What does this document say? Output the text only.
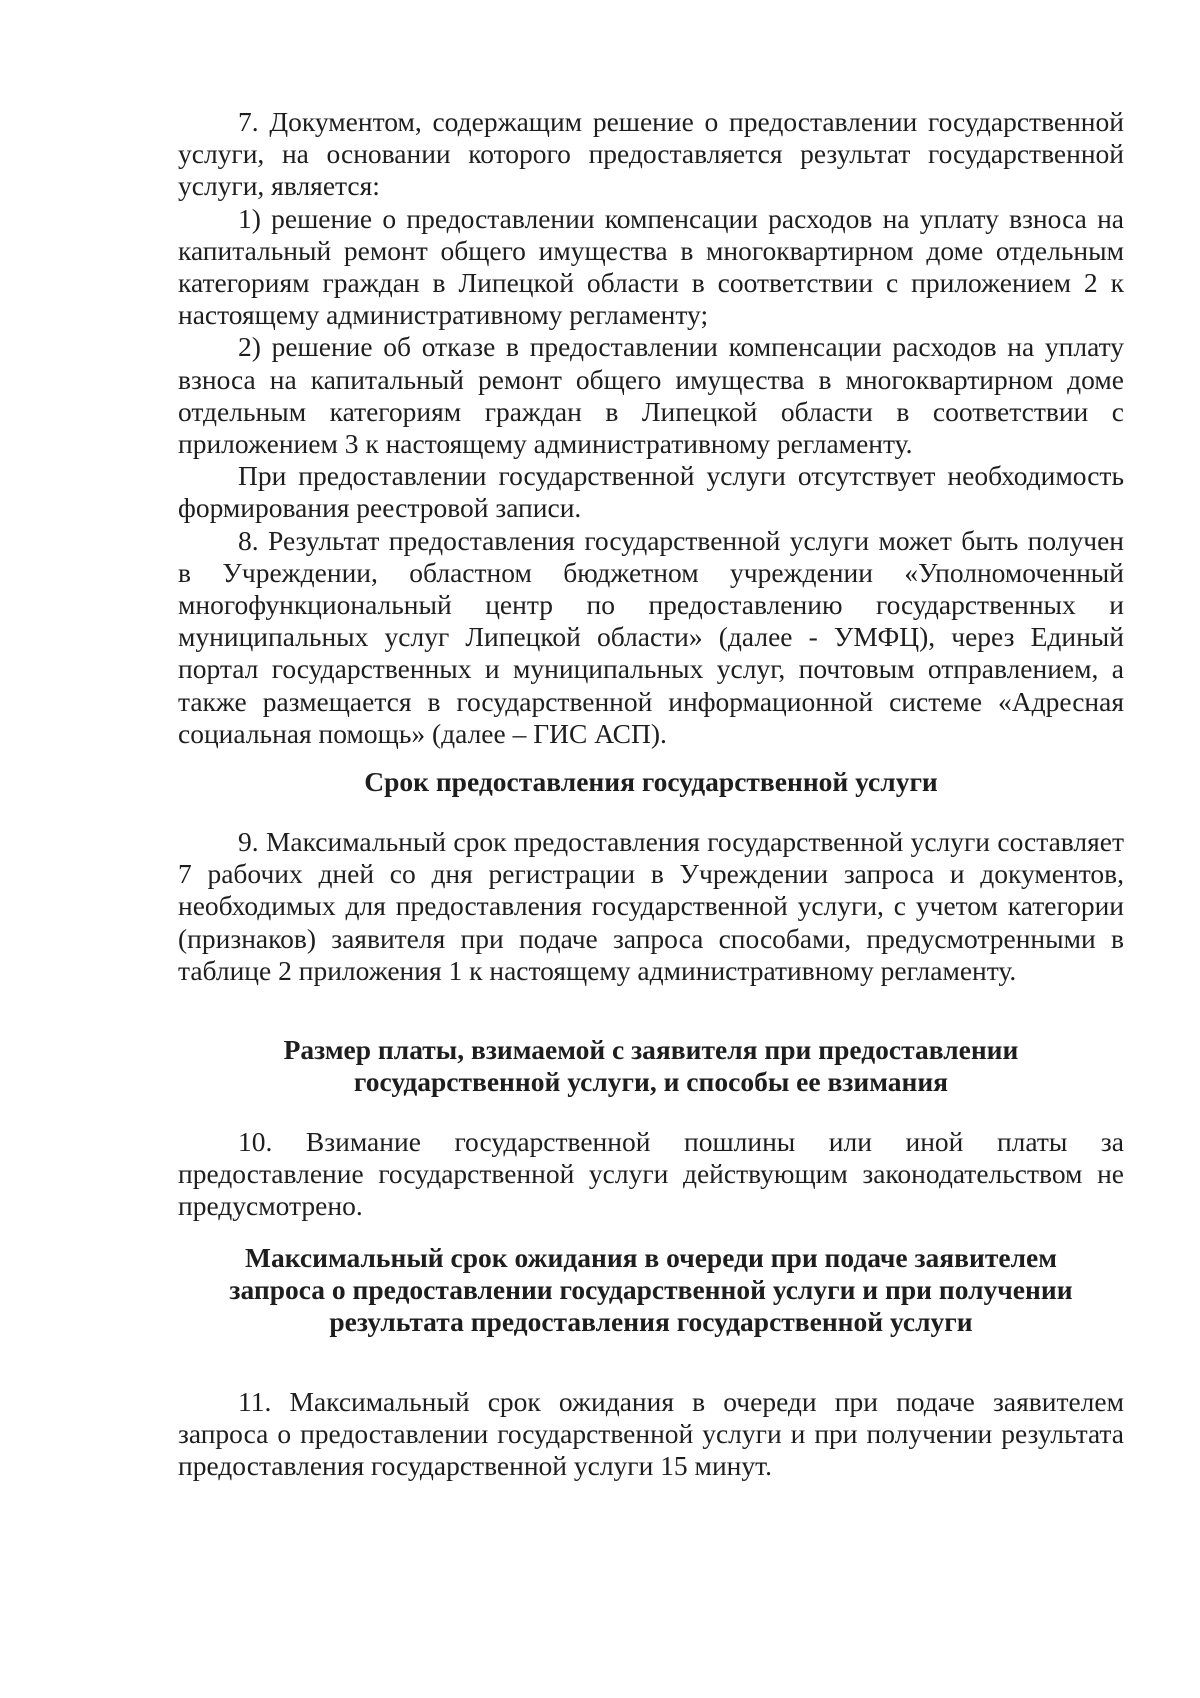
7. Документом, содержащим решение о предоставлении государственной услуги, на основании которого предоставляется результат государственной услуги, является:

1) решение о предоставлении компенсации расходов на уплату взноса на капитальный ремонт общего имущества в многоквартирном доме отдельным категориям граждан в Липецкой области в соответствии с приложением 2 к настоящему административному регламенту;

2) решение об отказе в предоставлении компенсации расходов на уплату взноса на капитальный ремонт общего имущества в многоквартирном доме отдельным категориям граждан в Липецкой области в соответствии с приложением 3 к настоящему административному регламенту.

При предоставлении государственной услуги отсутствует необходимость формирования реестровой записи.

8. Результат предоставления государственной услуги может быть получен в Учреждении, областном бюджетном учреждении «Уполномоченный многофункциональный центр по предоставлению государственных и муниципальных услуг Липецкой области» (далее - УМФЦ), через Единый портал государственных и муниципальных услуг, почтовым отправлением, а также размещается в государственной информационной системе «Адресная социальная помощь» (далее – ГИС АСП).

Срок предоставления государственной услуги

9. Максимальный срок предоставления государственной услуги составляет 7 рабочих дней со дня регистрации в Учреждении запроса и документов, необходимых для предоставления государственной услуги, с учетом категории (признаков) заявителя при подаче запроса способами, предусмотренными в таблице 2 приложения 1 к настоящему административному регламенту.

Размер платы, взимаемой с заявителя при предоставлении
государственной услуги, и способы ее взимания

10. Взимание государственной пошлины или иной платы за предоставление государственной услуги действующим законодательством не предусмотрено.

Максимальный срок ожидания в очереди при подаче заявителем
запроса о предоставлении государственной услуги и при получении
результата предоставления государственной услуги

11. Максимальный срок ожидания в очереди при подаче заявителем запроса о предоставлении государственной услуги и при получении результата предоставления государственной услуги 15 минут.
